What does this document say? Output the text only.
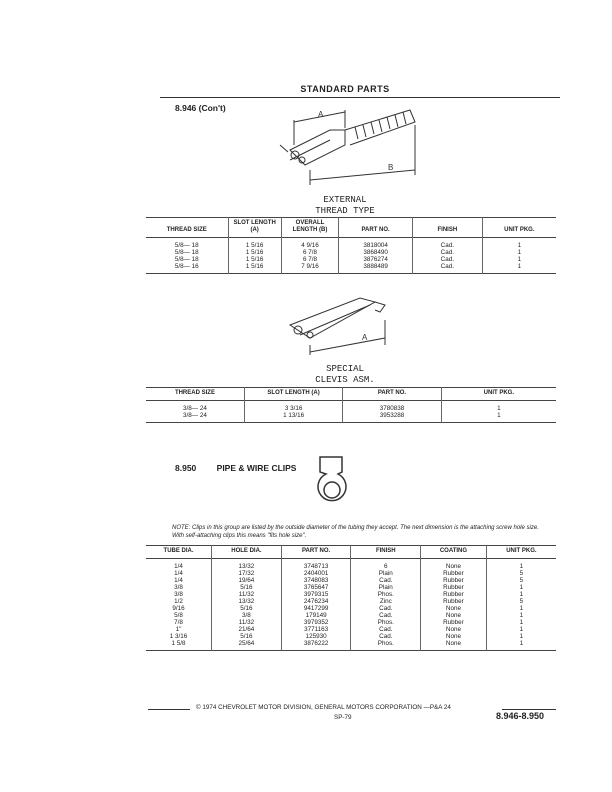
STANDARD PARTS
8.946 (Con't)
A
B
EXTERNAL
THREAD TYPE
THREAD SIZE	SLOT LENGTH (A)	OVERALL LENGTH (B)	PART NO.	FINISH	UNIT PKG.
5/8— 18	1 5/16	4 9/16	3818004	Cad.	1
5/8— 18	1 5/16	6 7/8	3868490	Cad.	1
5/8— 18	1 5/16	6 7/8	3876274	Cad.	1
5/8— 16	1 5/16	7 9/16	3888489	Cad.	1
A
SPECIAL
CLEVIS ASM.
THREAD SIZE	SLOT LENGTH (A)	PART NO.	UNIT PKG.
3/8— 24	3 3/16	3780838	1
3/8— 24	1 13/16	3953288	1
8.950 PIPE & WIRE CLIPS
NOTE: Clips in this group are listed by the outside diameter of the tubing they accept. The next dimension is the attaching screw hole size. With self-attaching clips this means "fits hole size".
TUBE DIA.	HOLE DIA.	PART NO.	FINISH	COATING	UNIT PKG.
1/4	13/32	3748713	6	None	1
1/4	17/32	2404001	Plain	Rubber	5
1/4	19/64	3748083	Cad.	Rubber	5
3/8	5/16	3765647	Plain	Rubber	1
3/8	11/32	3979315	Phos.	Rubber	1
1/2	13/32	2476234	Zinc	Rubber	5
9/16	5/16	9417299	Cad.	None	1
5/8	3/8	179149	Cad.	None	1
7/8	11/32	3979352	Phos.	Rubber	1
1"	21/64	3771163	Cad.	None	1
1 3/16	5/16	125930	Cad.	None	1
1 5/8	25/64	3876222	Phos.	None	1
© 1974 CHEVROLET MOTOR DIVISION, GENERAL MOTORS CORPORATION —P&A 24
SP-79	8.946-8.950
